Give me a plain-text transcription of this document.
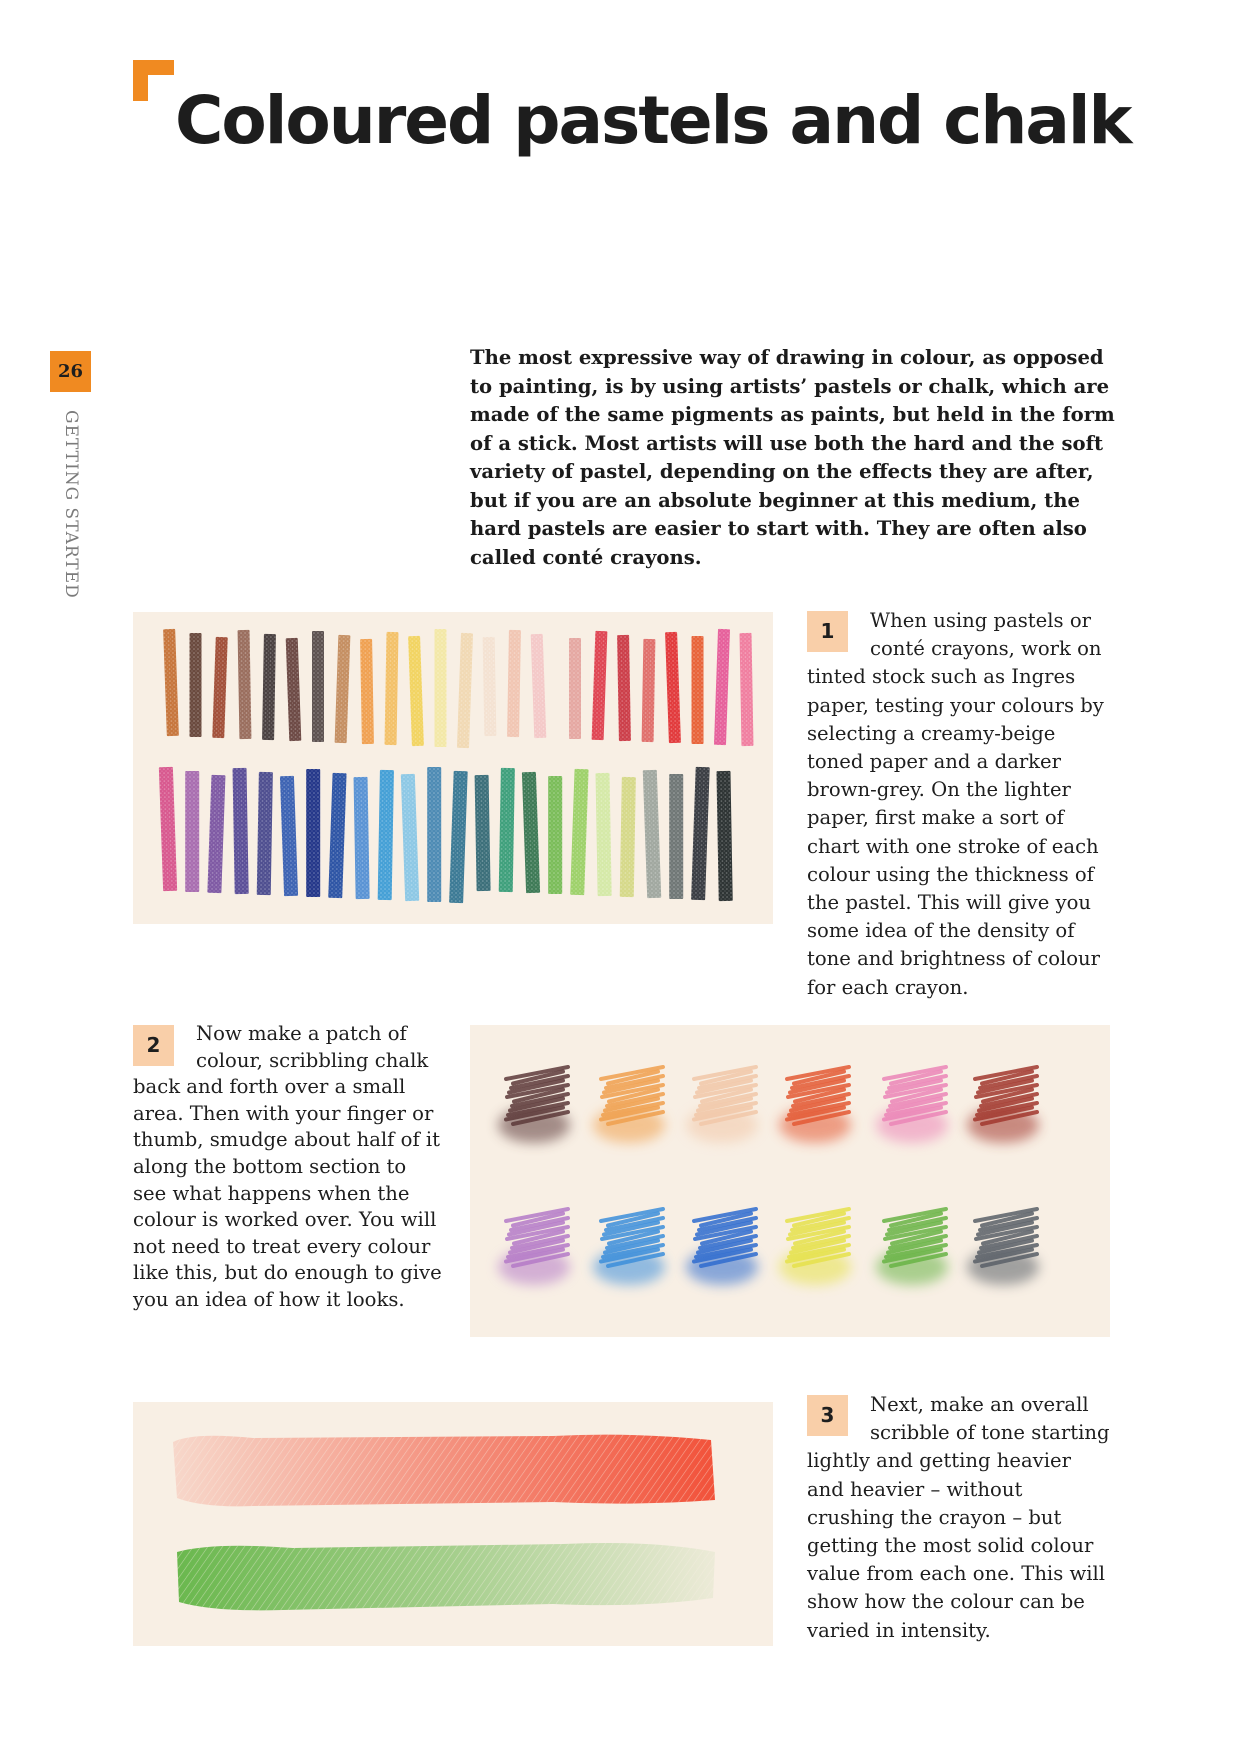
Coloured pastels and chalk
26
GETTING STARTED

The most expressive way of drawing in colour, as opposed to painting, is by using artists’ pastels or chalk, which are made of the same pigments as paints, but held in the form of a stick. Most artists will use both the hard and the soft variety of pastel, depending on the effects they are after, but if you are an absolute beginner at this medium, the hard pastels are easier to start with. They are often also called conté crayons.

1	When using pastels or conté crayons, work on tinted stock such as Ingres paper, testing your colours by selecting a creamy-beige toned paper and a darker brown-grey. On the lighter paper, first make a sort of chart with one stroke of each colour using the thickness of the pastel. This will give you some idea of the density of tone and brightness of colour for each crayon.

2	Now make a patch of colour, scribbling chalk back and forth over a small area. Then with your finger or thumb, smudge about half of it along the bottom section to see what happens when the colour is worked over. You will not need to treat every colour like this, but do enough to give you an idea of how it looks.

3	Next, make an overall scribble of tone starting lightly and getting heavier and heavier – without crushing the crayon – but getting the most solid colour value from each one. This will show how the colour can be varied in intensity.
